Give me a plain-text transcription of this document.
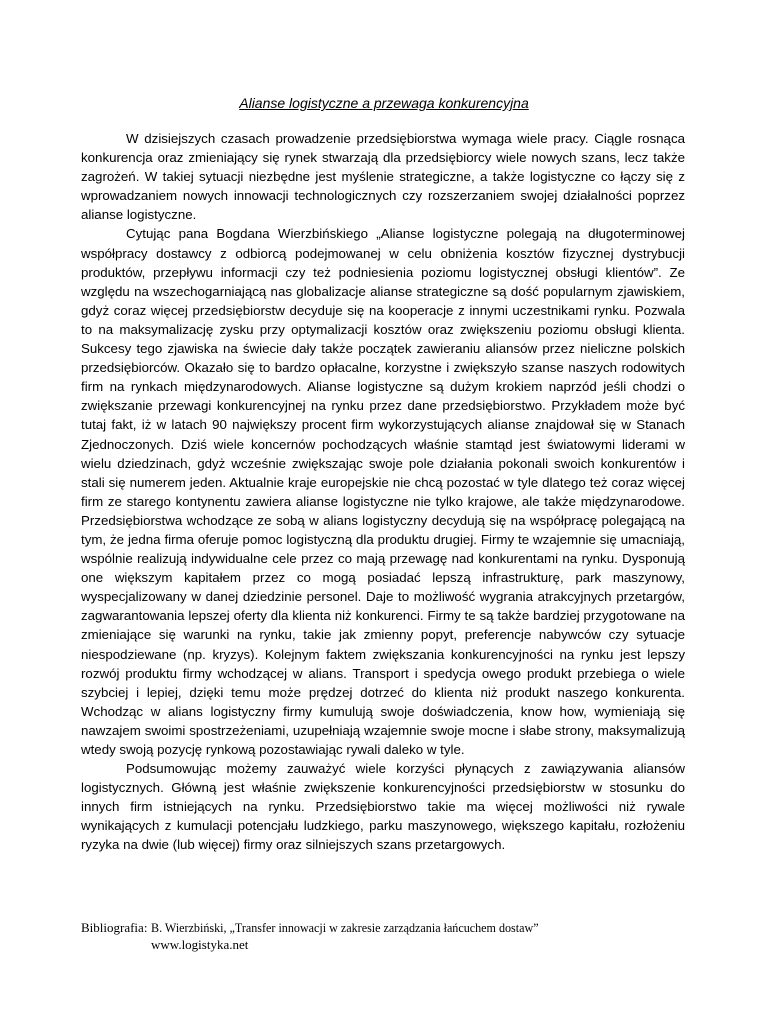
Alianse logistyczne a przewaga konkurencyjna

W dzisiejszych czasach prowadzenie przedsiębiorstwa wymaga wiele pracy. Ciągle rosnąca konkurencja oraz zmieniający się rynek stwarzają dla przedsiębiorcy wiele nowych szans, lecz także zagrożeń. W takiej sytuacji niezbędne jest myślenie strategiczne, a także logistyczne co łączy się z wprowadzaniem nowych innowacji technologicznych czy rozszerzaniem swojej działalności poprzez alianse logistyczne.

Cytując pana Bogdana Wierzbińskiego „Alianse logistyczne polegają na długoterminowej współpracy dostawcy z odbiorcą podejmowanej w celu obniżenia kosztów fizycznej dystrybucji produktów, przepływu informacji czy też podniesienia poziomu logistycznej obsługi klientów”. Ze względu na wszechogarniającą nas globalizacje alianse strategiczne są dość popularnym zjawiskiem, gdyż coraz więcej przedsiębiorstw decyduje się na kooperacje z innymi uczestnikami rynku. Pozwala to na maksymalizację zysku przy optymalizacji kosztów oraz zwiększeniu poziomu obsługi klienta. Sukcesy tego zjawiska na świecie dały także początek zawieraniu aliansów przez nieliczne polskich przedsiębiorców. Okazało się to bardzo opłacalne, korzystne i zwiększyło szanse naszych rodowitych firm na rynkach międzynarodowych. Alianse logistyczne są dużym krokiem naprzód jeśli chodzi o zwiększanie przewagi konkurencyjnej na rynku przez dane przedsiębiorstwo. Przykładem może być tutaj fakt, iż w latach 90 największy procent firm wykorzystujących alianse znajdował się w Stanach Zjednoczonych. Dziś wiele koncernów pochodzących właśnie stamtąd jest światowymi liderami w wielu dziedzinach, gdyż wcześnie zwiększając swoje pole działania pokonali swoich konkurentów i stali się numerem jeden. Aktualnie kraje europejskie nie chcą pozostać w tyle dlatego też coraz więcej firm ze starego kontynentu zawiera alianse logistyczne nie tylko krajowe, ale także międzynarodowe. Przedsiębiorstwa wchodzące ze sobą w alians logistyczny decydują się na współpracę polegającą na tym, że jedna firma oferuje pomoc logistyczną dla produktu drugiej. Firmy te wzajemnie się umacniają, wspólnie realizują indywidualne cele przez co mają przewagę nad konkurentami na rynku. Dysponują one większym kapitałem przez co mogą posiadać lepszą infrastrukturę, park maszynowy, wyspecjalizowany w danej dziedzinie personel. Daje to możliwość wygrania atrakcyjnych przetargów, zagwarantowania lepszej oferty dla klienta niż konkurenci. Firmy te są także bardziej przygotowane na zmieniające się warunki na rynku, takie jak zmienny popyt, preferencje nabywców czy sytuacje niespodziewane (np. kryzys). Kolejnym faktem zwiększania konkurencyjności na rynku jest lepszy rozwój produktu firmy wchodzącej w alians. Transport i spedycja owego produkt przebiega o wiele szybciej i lepiej, dzięki temu może prędzej dotrzeć do klienta niż produkt naszego konkurenta. Wchodząc w alians logistyczny firmy kumulują swoje doświadczenia, know how, wymieniają się nawzajem swoimi spostrzeżeniami, uzupełniają wzajemnie swoje mocne i słabe strony, maksymalizują wtedy swoją pozycję rynkową pozostawiając rywali daleko w tyle.

Podsumowując możemy zauważyć wiele korzyści płynących z zawiązywania aliansów logistycznych. Główną jest właśnie zwiększenie konkurencyjności przedsiębiorstw w stosunku do innych firm istniejących na rynku. Przedsiębiorstwo takie ma więcej możliwości niż rywale wynikających z kumulacji potencjału ludzkiego, parku maszynowego, większego kapitału, rozłożeniu ryzyka na dwie (lub więcej) firmy oraz silniejszych szans przetargowych.

Bibliografia: B. Wierzbiński, „Transfer innowacji w zakresie zarządzania łańcuchem dostaw”
www.logistyka.net
